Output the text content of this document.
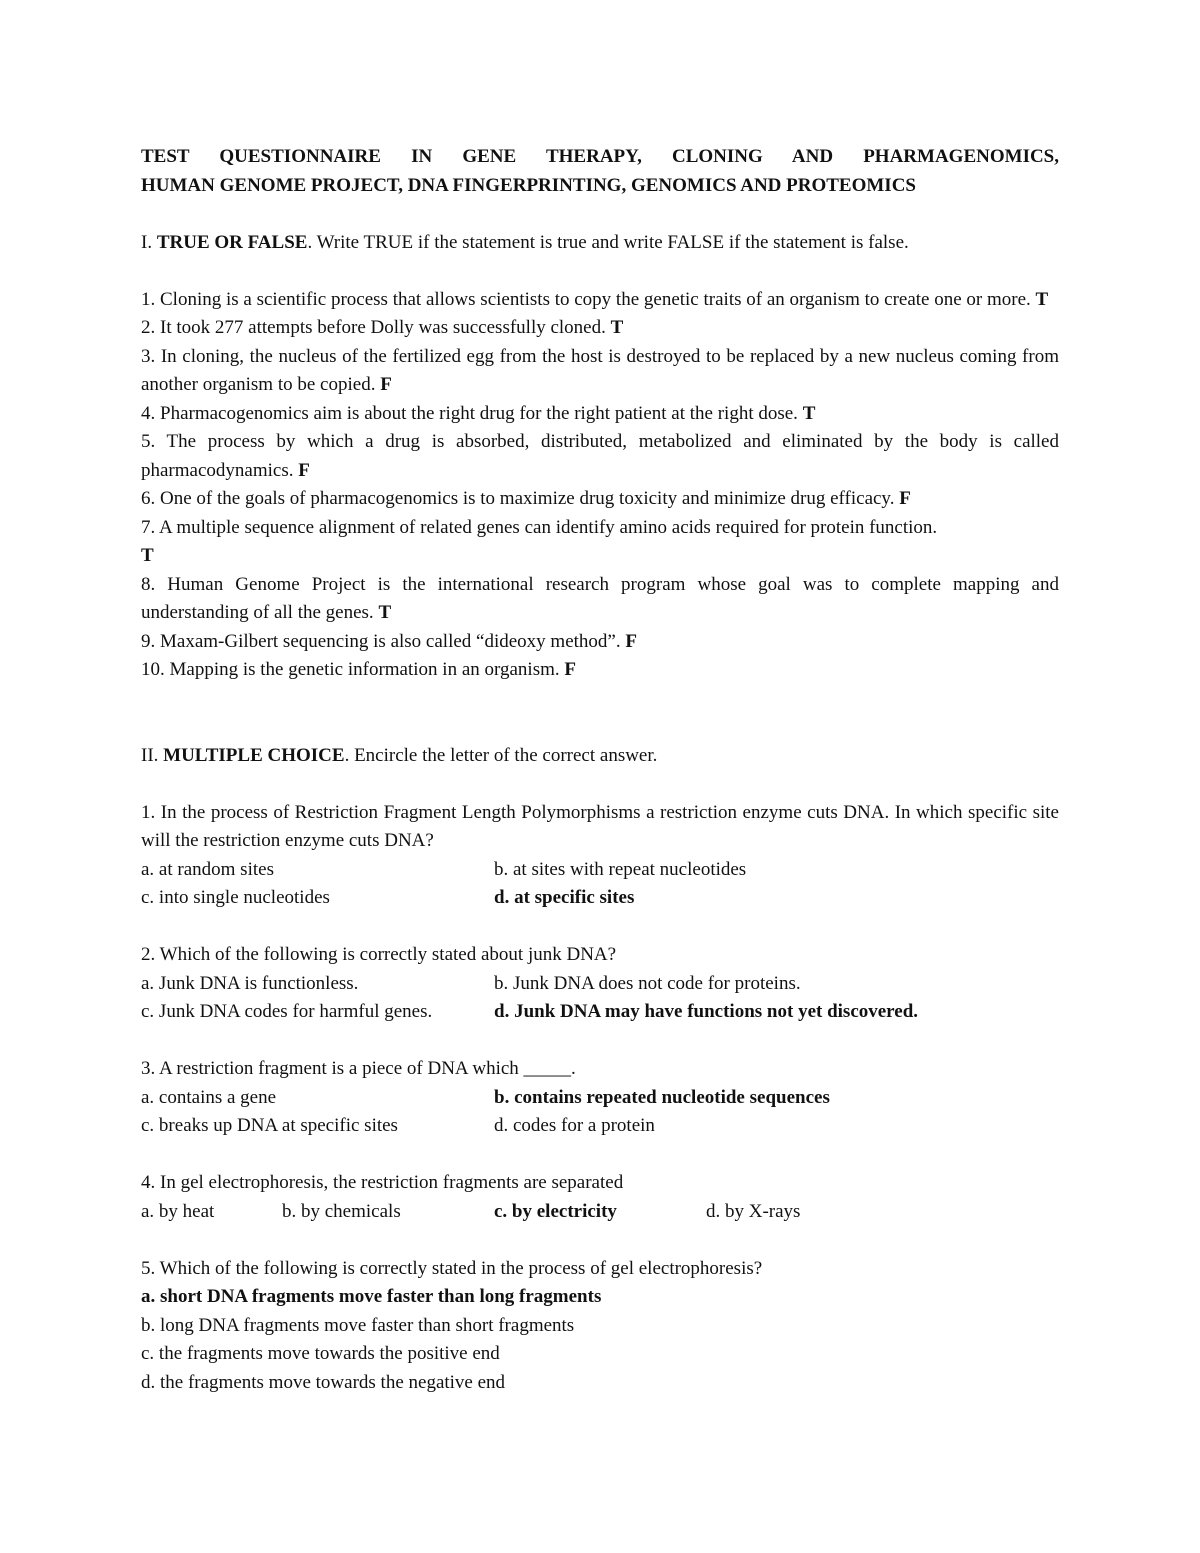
TEST QUESTIONNAIRE IN GENE THERAPY, CLONING AND PHARMAGENOMICS,
HUMAN GENOME PROJECT, DNA FINGERPRINTING, GENOMICS AND PROTEOMICS

I. TRUE OR FALSE. Write TRUE if the statement is true and write FALSE if the statement is false.

1. Cloning is a scientific process that allows scientists to copy the genetic traits of an organism to create one or more. T

2. It took 277 attempts before Dolly was successfully cloned. T

3. In cloning, the nucleus of the fertilized egg from the host is destroyed to be replaced by a new nucleus coming from another organism to be copied. F

4. Pharmacogenomics aim is about the right drug for the right patient at the right dose. T

5. The process by which a drug is absorbed, distributed, metabolized and eliminated by the body is called pharmacodynamics. F

6. One of the goals of pharmacogenomics is to maximize drug toxicity and minimize drug efficacy. F

7. A multiple sequence alignment of related genes can identify amino acids required for protein function.
T

8. Human Genome Project is the international research program whose goal was to complete mapping and understanding of all the genes. T

9. Maxam-Gilbert sequencing is also called “dideoxy method”. F

10. Mapping is the genetic information in an organism. F

II. MULTIPLE CHOICE. Encircle the letter of the correct answer.

1. In the process of Restriction Fragment Length Polymorphisms a restriction enzyme cuts DNA. In which specific site will the restriction enzyme cuts DNA?

a. at random sites	b. at sites with repeat nucleotides
c. into single nucleotides	d. at specific sites

2. Which of the following is correctly stated about junk DNA?

a. Junk DNA is functionless.	b. Junk DNA does not code for proteins.
c. Junk DNA codes for harmful genes.	d. Junk DNA may have functions not yet discovered.

3. A restriction fragment is a piece of DNA which _____.

a. contains a gene	b. contains repeated nucleotide sequences
c. breaks up DNA at specific sites	d. codes for a protein

4. In gel electrophoresis, the restriction fragments are separated

a. by heat	b. by chemicals	c. by electricity	d. by X-rays

5. Which of the following is correctly stated in the process of gel electrophoresis?

a. short DNA fragments move faster than long fragments
b. long DNA fragments move faster than short fragments
c. the fragments move towards the positive end
d. the fragments move towards the negative end
